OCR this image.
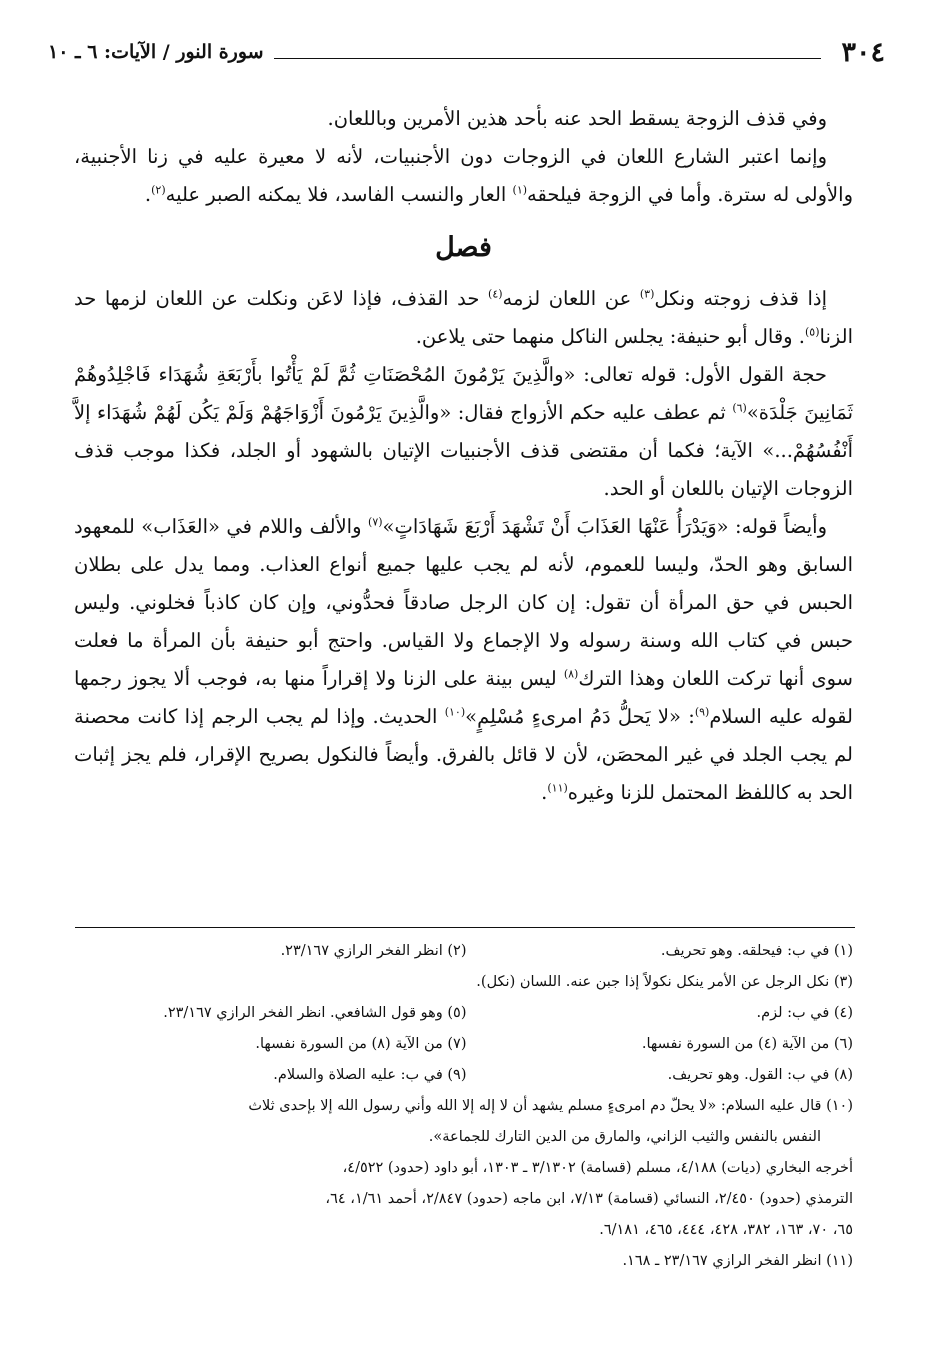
٣٠٤
سورة النور / الآيات: ٦ ـ ١٠

وفي قذف الزوجة يسقط الحد عنه بأحد هذين الأمرين وباللعان.

وإنما اعتبر الشارع اللعان في الزوجات دون الأجنبيات، لأنه لا معيرة عليه في زنا الأجنبية، والأولى له سترة. وأما في الزوجة فيلحقه$^{(١)}$ العار والنسب الفاسد، فلا يمكنه الصبر عليه$^{(٢)}$.

فصل

إذا قذف زوجته ونكل$^{(٣)}$ عن اللعان لزمه$^{(٤)}$ حد القذف، فإذا لاعَن ونكلت عن اللعان لزمها حد الزنا$^{(٥)}$. وقال أبو حنيفة: يجلس الناكل منهما حتى يلاعن.

حجة القول الأول: قوله تعالى: «والَّذِينَ يَرْمُونَ المُحْصَنَاتِ ثُمَّ لَمْ يَأْتُوا بأَرْبَعَةِ شُهَدَاء فَاجْلِدُوهُمْ ثَمَانِينَ جَلْدَة»$^{(٦)}$ ثم عطف عليه حكم الأزواج فقال: «والَّذِينَ يَرْمُونَ أَزْوَاجَهُمْ وَلَمْ يَكُن لَهُمْ شُهَدَاء إلاَّ أَنْفُسُهُمْ...» الآية؛ فكما أن مقتضى قذف الأجنبيات الإتيان بالشهود أو الجلد، فكذا موجب قذف الزوجات الإتيان باللعان أو الحد.

وأيضاً قوله: «وَيَدْرَأُ عَنْهَا العَذَابَ أَنْ تَشْهَدَ أَرْبَعَ شَهَادَاتٍ»$^{(٧)}$ والألف واللام في «العَذَاب» للمعهود السابق وهو الحدّ، وليسا للعموم، لأنه لم يجب عليها جميع أنواع العذاب. ومما يدل على بطلان الحبس في حق المرأة أن تقول: إن كان الرجل صادقاً فحدُّوني، وإن كان كاذباً فخلوني. وليس حبس في كتاب الله وسنة رسوله ولا الإجماع ولا القياس. واحتج أبو حنيفة بأن المرأة ما فعلت سوى أنها تركت اللعان وهذا الترك$^{(٨)}$ ليس بينة على الزنا ولا إقراراً منها به، فوجب ألا يجوز رجمها لقوله عليه السلام$^{(٩)}$: «لا يَحلُّ دَمُ امرىءٍ مُسْلِمٍ»$^{(١٠)}$ الحديث. وإذا لم يجب الرجم إذا كانت محصنة لم يجب الجلد في غير المحصَن، لأن لا قائل بالفرق. وأيضاً فالنكول بصريح الإقرار، فلم يجز إثبات الحد به كاللفظ المحتمل للزنا وغيره$^{(١١)}$.

(١) في ب: فيحلقه. وهو تحريف.
(٢) انظر الفخر الرازي ٢٣/١٦٧.
(٣) نكل الرجل عن الأمر ينكل نكولاً إذا جبن عنه. اللسان (نكل).
(٤) في ب: لزم.
(٥) وهو قول الشافعي. انظر الفخر الرازي ٢٣/١٦٧.
(٦) من الآية (٤) من السورة نفسها.
(٧) من الآية (٨) من السورة نفسها.
(٨) في ب: القول. وهو تحريف.
(٩) في ب: عليه الصلاة والسلام.
(١٠) قال عليه السلام: «لا يحلّ دم امرىءٍ مسلم يشهد أن لا إله إلا الله وأني رسول الله إلا بإحدى ثلاث
النفس بالنفس والثيب الزاني، والمارق من الدين التارك للجماعة».
أخرجه البخاري (ديات) ٤/١٨٨، مسلم (قسامة) ٣/١٣٠٢ ـ ١٣٠٣، أبو داود (حدود) ٤/٥٢٢،
الترمذي (حدود) ٢/٤٥٠، النسائي (قسامة) ٧/١٣، ابن ماجه (حدود) ٢/٨٤٧، أحمد ١/٦١، ٦٤،
٦٥، ٧٠، ١٦٣، ٣٨٢، ٤٢٨، ٤٤٤، ٤٦٥، ٦/١٨١.
(١١) انظر الفخر الرازي ٢٣/١٦٧ ـ ١٦٨.
